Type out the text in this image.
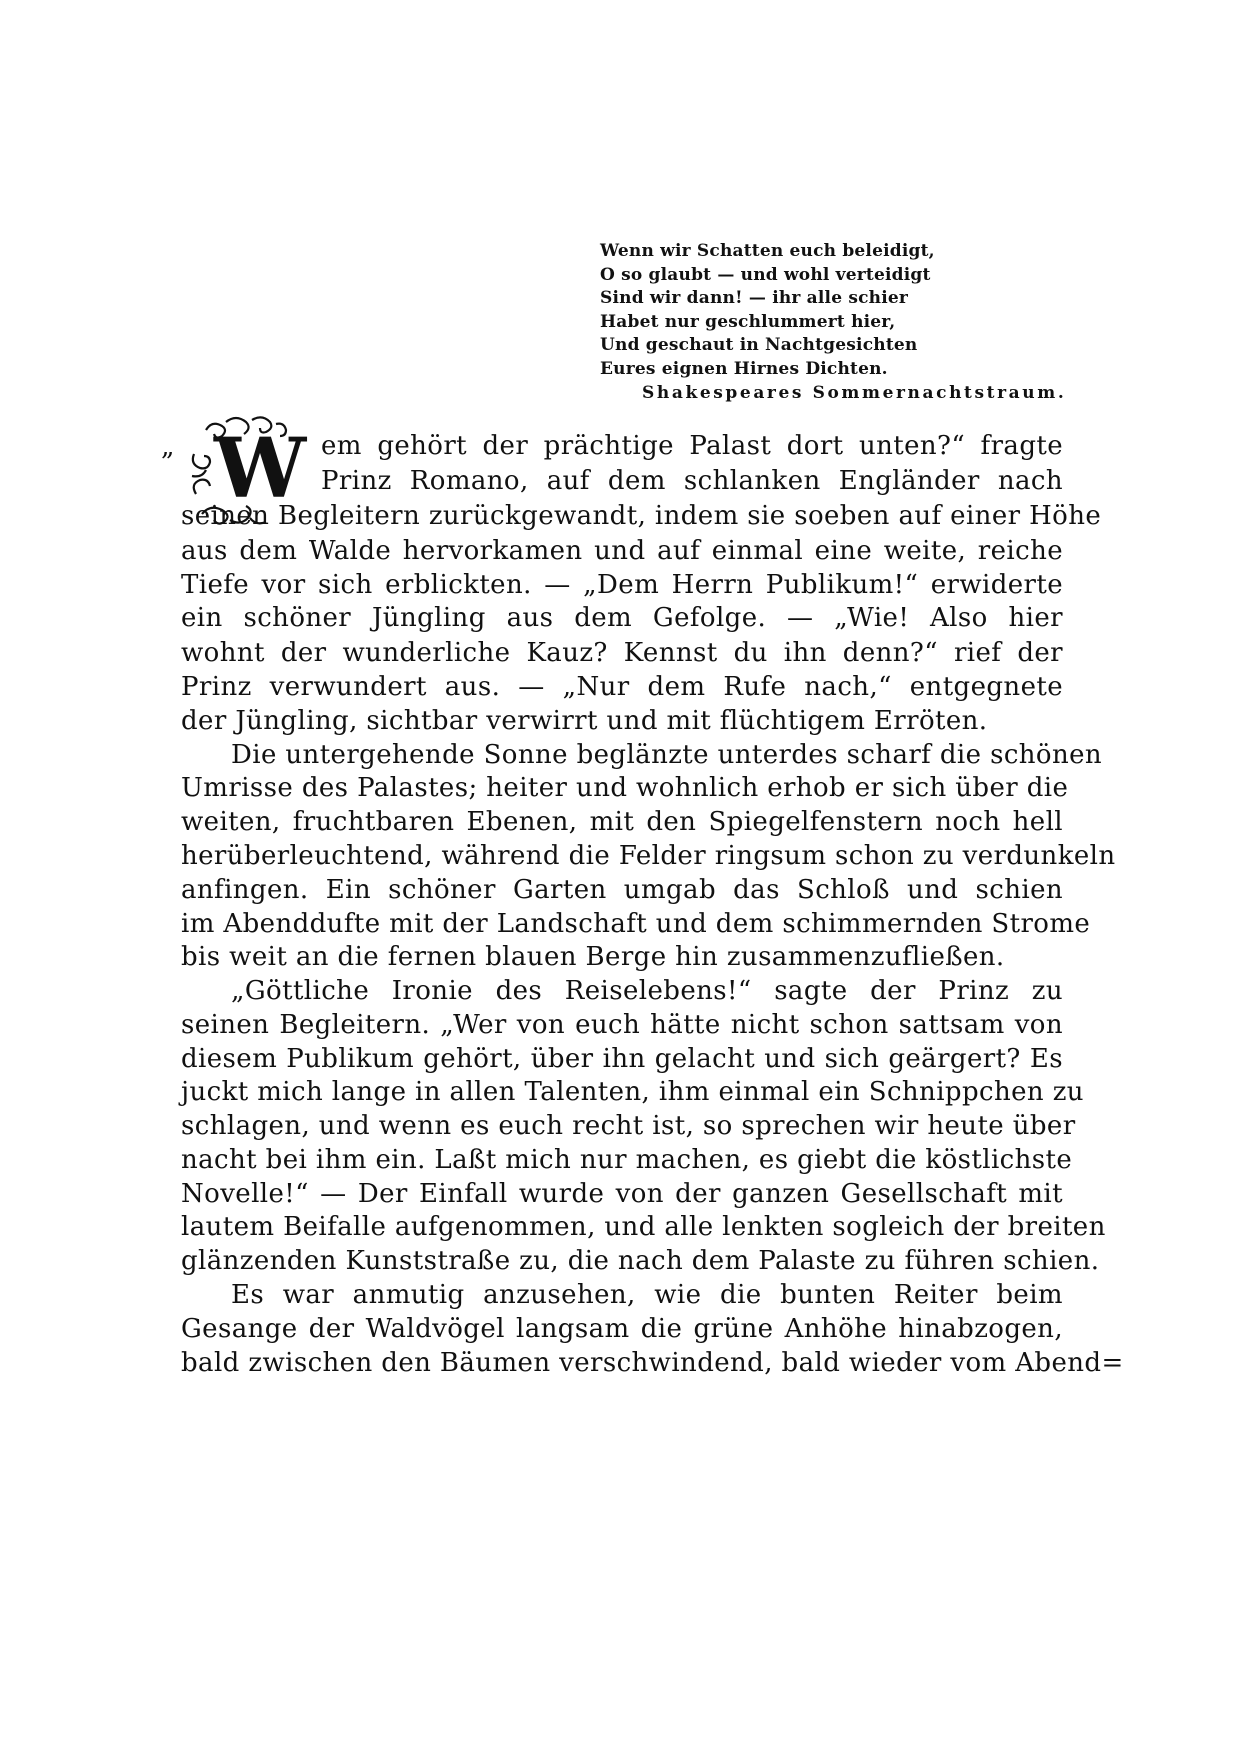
Wenn wir Schatten euch beleidigt,
O so glaubt — und wohl verteidigt
Sind wir dann! — ihr alle schier
Habet nur geschlummert hier,
Und geschaut in Nachtgesichten
Eures eignen Hirnes Dichten.
Shakespeares Sommernachtstraum.
W
„	em gehört der prächtige Palast dort unten?“ fragte
Prinz Romano, auf dem schlanken Engländer nach
seinen Begleitern zurückgewandt, indem sie soeben auf einer Höhe
aus dem Walde hervorkamen und auf einmal eine weite, reiche
Tiefe vor sich erblickten. — „Dem Herrn Publikum!“ erwiderte
ein schöner Jüngling aus dem Gefolge. — „Wie! Also hier
wohnt der wunderliche Kauz? Kennst du ihn denn?“ rief der
Prinz verwundert aus. — „Nur dem Rufe nach,“ entgegnete
der Jüngling, sichtbar verwirrt und mit flüchtigem Erröten.
Die untergehende Sonne beglänzte unterdes scharf die schönen
Umrisse des Palastes; heiter und wohnlich erhob er sich über die
weiten, fruchtbaren Ebenen, mit den Spiegelfenstern noch hell
herüberleuchtend, während die Felder ringsum schon zu verdunkeln
anfingen. Ein schöner Garten umgab das Schloß und schien
im Abenddufte mit der Landschaft und dem schimmernden Strome
bis weit an die fernen blauen Berge hin zusammenzufließen.
„Göttliche Ironie des Reiselebens!“ sagte der Prinz zu
seinen Begleitern. „Wer von euch hätte nicht schon sattsam von
diesem Publikum gehört, über ihn gelacht und sich geärgert? Es
juckt mich lange in allen Talenten, ihm einmal ein Schnippchen zu
schlagen, und wenn es euch recht ist, so sprechen wir heute über
nacht bei ihm ein. Laßt mich nur machen, es giebt die köstlichste
Novelle!“ — Der Einfall wurde von der ganzen Gesellschaft mit
lautem Beifalle aufgenommen, und alle lenkten sogleich der breiten
glänzenden Kunststraße zu, die nach dem Palaste zu führen schien.
Es war anmutig anzusehen, wie die bunten Reiter beim
Gesange der Waldvögel langsam die grüne Anhöhe hinabzogen,
bald zwischen den Bäumen verschwindend, bald wieder vom Abend=
